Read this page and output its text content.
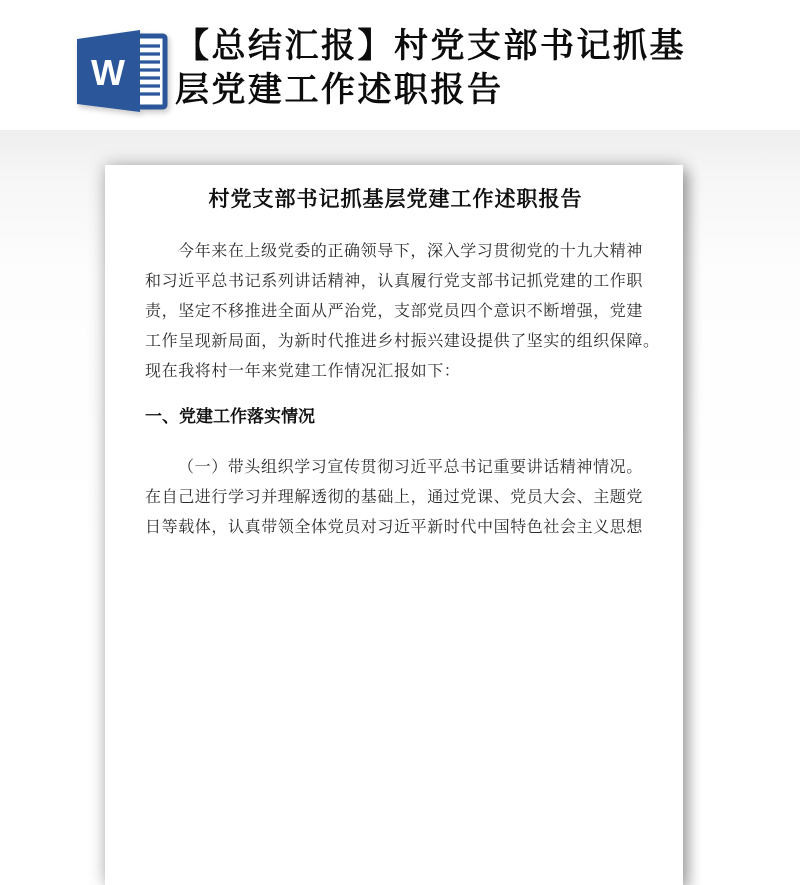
W
【总结汇报】村党支部书记抓基
层党建工作述职报告
村党支部书记抓基层党建工作述职报告
今年来在上级党委的正确领导下，深入学习贯彻党的十九大精神
和习近平总书记系列讲话精神，认真履行党支部书记抓党建的工作职
责，坚定不移推进全面从严治党，支部党员四个意识不断增强，党建
工作呈现新局面，为新时代推进乡村振兴建设提供了坚实的组织保障。
现在我将村一年来党建工作情况汇报如下：
一、党建工作落实情况
（一）带头组织学习宣传贯彻习近平总书记重要讲话精神情况。
在自己进行学习并理解透彻的基础上，通过党课、党员大会、主题党
日等载体，认真带领全体党员对习近平新时代中国特色社会主义思想
